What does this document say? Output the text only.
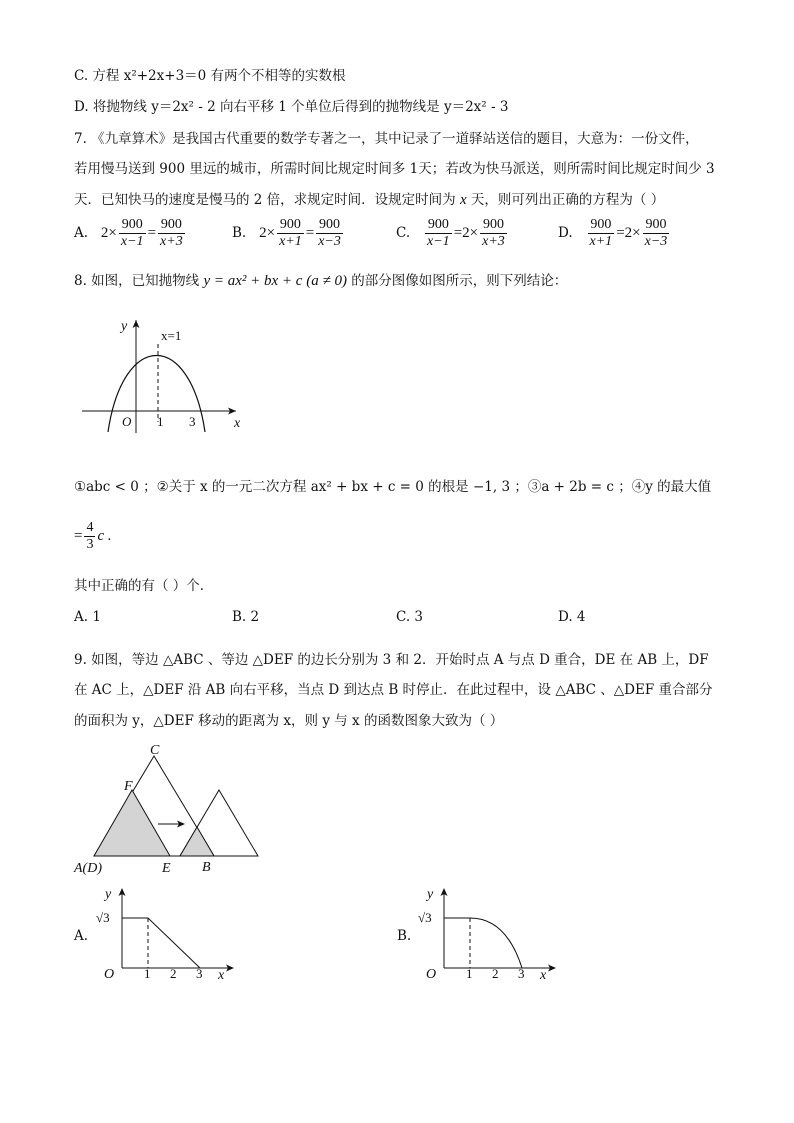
C. 方程 x²+2x+3＝0 有两个不相等的实数根
D. 将抛物线 y＝2x² - 2 向右平移 1 个单位后得到的抛物线是 y＝2x² - 3
7. 《九章算术》是我国古代重要的数学专著之一，其中记录了一道驿站送信的题目，大意为：一份文件，
若用慢马送到 900 里远的城市，所需时间比规定时间多 1天；若改为快马派送，则所需时间比规定时间少 3
天．已知快马的速度是慢马的 2 倍，求规定时间．设规定时间为 x 天，则可列出正确的方程为（ ）
A. $2\times \frac{900}{x-1} = \frac{900}{x+3}$	B. $2\times \frac{900}{x+1} = \frac{900}{x-3}$	C. $\frac{900}{x-1} =2\times \frac{900}{x+3}$	D. $\frac{900}{x+1} =2\times \frac{900}{x-3}$
8. 如图，已知抛物线 y = ax² + bx + c (a ≠ 0) 的部分图像如图所示，则下列结论：
y
x=1
O 1 3	x
①abc < 0 ；②关于 x 的一元二次方程 ax² + bx + c = 0 的根是 −1, 3 ；③a + 2b = c ；④y 的最大值
= $\frac{4}{3}$ c .
其中正确的有（ ）个．
A. 1	B. 2	C. 3	D. 4
9. 如图，等边 △ABC 、等边 △DEF 的边长分别为 3 和 2．开始时点 A 与点 D 重合，DE 在 AB 上，DF
在 AC 上，△DEF 沿 AB 向右平移，当点 D 到达点 B 时停止．在此过程中，设 △ABC 、△DEF 重合部分
的面积为 y，△DEF 移动的距离为 x，则 y 与 x 的函数图象大致为（ ）
C
F
A(D)	E B
A.
y
√3
O 1 2 3 x
B.
y
√3
O 1 2 3 x
